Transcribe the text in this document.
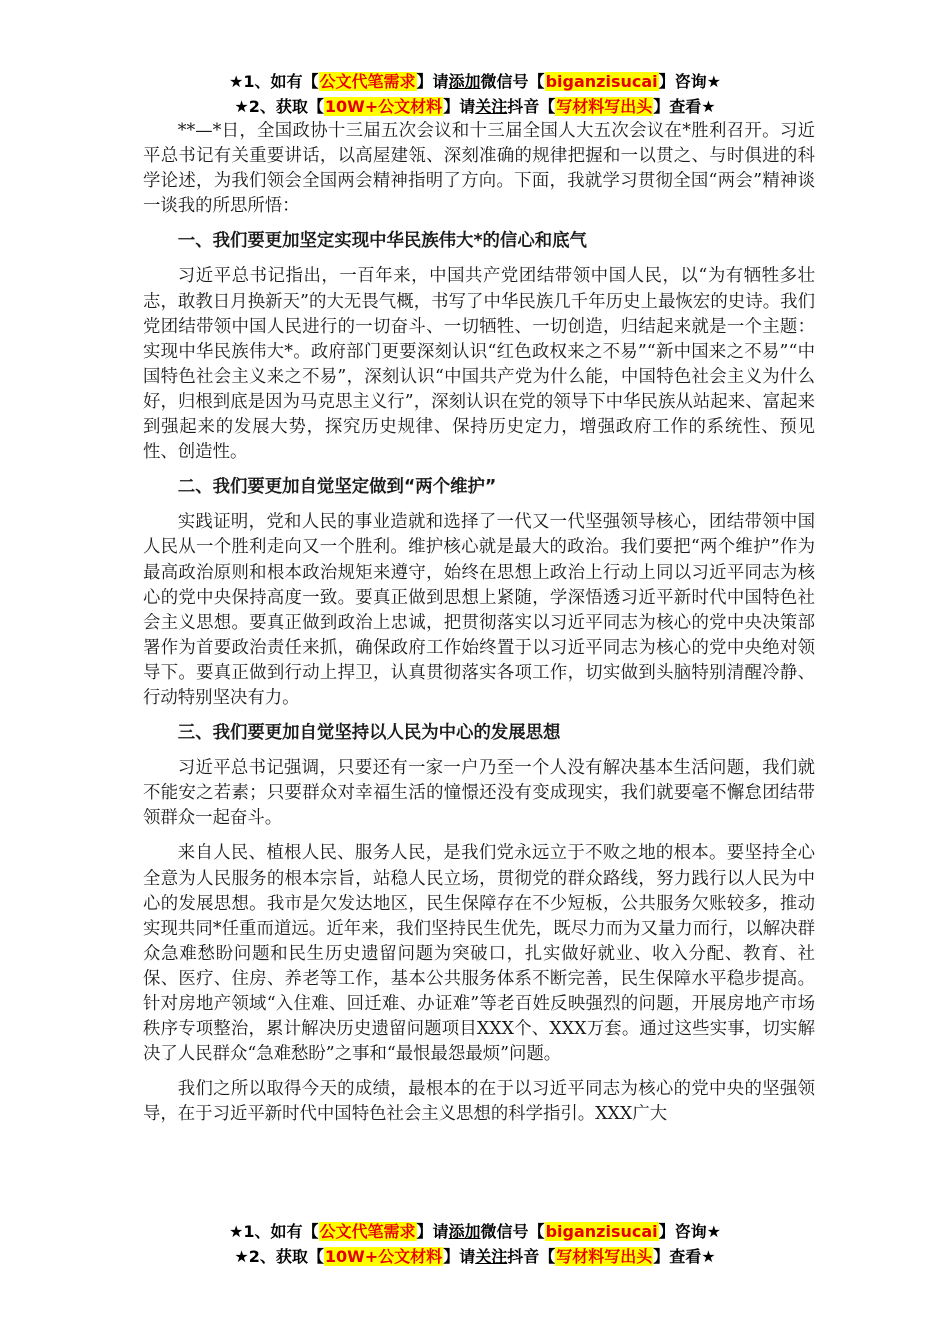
★1、如有【公文代笔需求】请添加微信号【biganzisucai】咨询★
★2、获取【10W+公文材料】请关注抖音【写材料写出头】查看★

**—*日，全国政协十三届五次会议和十三届全国人大五次会议在*胜利召开。习近平总书记有关重要讲话，以高屋建瓴、深刻准确的规律把握和一以贯之、与时俱进的科学论述，为我们领会全国两会精神指明了方向。下面，我就学习贯彻全国“两会”精神谈一谈我的所思所悟：

一、我们要更加坚定实现中华民族伟大*的信心和底气

习近平总书记指出，一百年来，中国共产党团结带领中国人民，以“为有牺牲多壮志，敢教日月换新天”的大无畏气概，书写了中华民族几千年历史上最恢宏的史诗。我们党团结带领中国人民进行的一切奋斗、一切牺牲、一切创造，归结起来就是一个主题：实现中华民族伟大*。政府部门更要深刻认识“红色政权来之不易”“新中国来之不易”“中国特色社会主义来之不易”，深刻认识“中国共产党为什么能，中国特色社会主义为什么好，归根到底是因为马克思主义行”，深刻认识在党的领导下中华民族从站起来、富起来到强起来的发展大势，探究历史规律、保持历史定力，增强政府工作的系统性、预见性、创造性。

二、我们要更加自觉坚定做到“两个维护”

实践证明，党和人民的事业造就和选择了一代又一代坚强领导核心，团结带领中国人民从一个胜利走向又一个胜利。维护核心就是最大的政治。我们要把“两个维护”作为最高政治原则和根本政治规矩来遵守，始终在思想上政治上行动上同以习近平同志为核心的党中央保持高度一致。要真正做到思想上紧随，学深悟透习近平新时代中国特色社会主义思想。要真正做到政治上忠诚，把贯彻落实以习近平同志为核心的党中央决策部署作为首要政治责任来抓，确保政府工作始终置于以习近平同志为核心的党中央绝对领导下。要真正做到行动上捍卫，认真贯彻落实各项工作，切实做到头脑特别清醒冷静、行动特别坚决有力。

三、我们要更加自觉坚持以人民为中心的发展思想

习近平总书记强调，只要还有一家一户乃至一个人没有解决基本生活问题，我们就不能安之若素；只要群众对幸福生活的憧憬还没有变成现实，我们就要毫不懈怠团结带领群众一起奋斗。

来自人民、植根人民、服务人民，是我们党永远立于不败之地的根本。要坚持全心全意为人民服务的根本宗旨，站稳人民立场，贯彻党的群众路线，努力践行以人民为中心的发展思想。我市是欠发达地区，民生保障存在不少短板，公共服务欠账较多，推动实现共同*任重而道远。近年来，我们坚持民生优先，既尽力而为又量力而行，以解决群众急难愁盼问题和民生历史遗留问题为突破口，扎实做好就业、收入分配、教育、社保、医疗、住房、养老等工作，基本公共服务体系不断完善，民生保障水平稳步提高。针对房地产领域“入住难、回迁难、办证难”等老百姓反映强烈的问题，开展房地产市场秩序专项整治，累计解决历史遗留问题项目XXX个、XXX万套。通过这些实事，切实解决了人民群众“急难愁盼”之事和“最恨最怨最烦”问题。

我们之所以取得今天的成绩，最根本的在于以习近平同志为核心的党中央的坚强领导，在于习近平新时代中国特色社会主义思想的科学指引。XXX广大

★1、如有【公文代笔需求】请添加微信号【biganzisucai】咨询★
★2、获取【10W+公文材料】请关注抖音【写材料写出头】查看★
